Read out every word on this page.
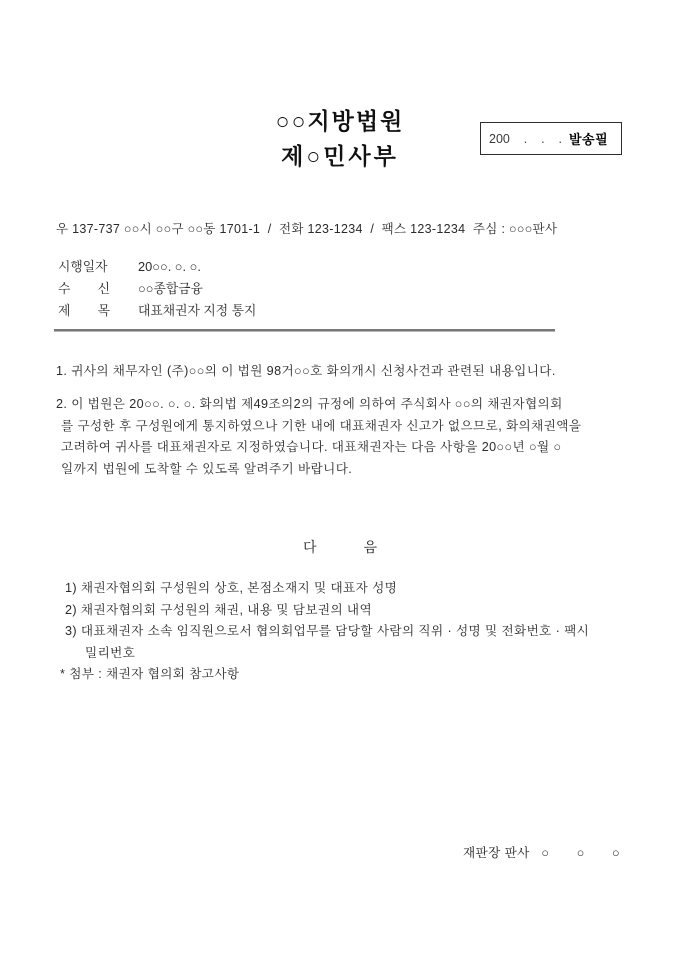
○○지방법원
제○민사부
200    .    .    . 발송필
우 137-737 ○○시 ○○구 ○○동 1701-1  /  전화 123-1234  /  팩스 123-1234  주심 : ○○○판사
시행일자 20○○. ○. ○.
수 신 ○○종합금융
제 목 대표채권자 지정 통지
1. 귀사의 채무자인 (주)○○의 이 법원 98거○○호 화의개시 신청사건과 관련된 내용입니다.
2. 이 법원은 20○○. ○. ○. 화의법 제49조의2의 규정에 의하여 주식회사 ○○의 채권자협의회
를 구성한 후 구성원에게 통지하였으나 기한 내에 대표채권자 신고가 없으므로, 화의채권액을
고려하여 귀사를 대표채권자로 지정하였습니다. 대표채권자는 다음 사항을 20○○년 ○월 ○
일까지 법원에 도착할 수 있도록 알려주기 바랍니다.
다	음
1) 채권자협의회 구성원의 상호, 본점소재지 및 대표자 성명
2) 채권자협의회 구성원의 채권, 내용 및 담보권의 내역
3) 대표채권자 소속 임직원으로서 협의회업무를 담당할 사람의 직위 · 성명 및 전화번호 · 팩시
밀리번호
* 첨부 : 채권자 협의회 참고사항
재판장 판사   ○       ○       ○
